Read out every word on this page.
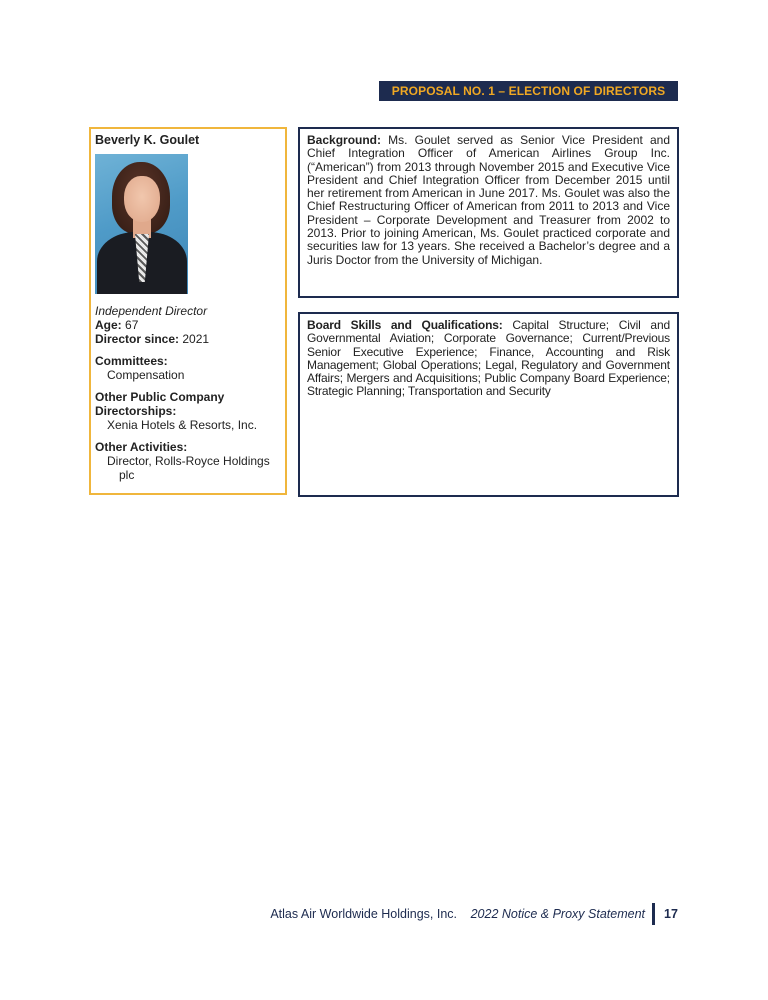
PROPOSAL NO. 1 – ELECTION OF DIRECTORS
Beverly K. Goulet
Independent Director
Age: 67
Director since: 2021
Committees:
Compensation
Other Public Company Directorships:
Xenia Hotels & Resorts, Inc.
Other Activities:
Director, Rolls-Royce Holdings
plc
Background: Ms. Goulet served as Senior Vice President and Chief Integration Officer of American Airlines Group Inc. (“American”) from 2013 through November 2015 and Executive Vice President and Chief Integration Officer from December 2015 until her retirement from American in June 2017. Ms. Goulet was also the Chief Restructuring Officer of American from 2011 to 2013 and Vice President – Corporate Development and Treasurer from 2002 to 2013. Prior to joining American, Ms. Goulet practiced corporate and securities law for 13 years. She received a Bachelor’s degree and a Juris Doctor from the University of Michigan.
Board Skills and Qualifications: Capital Structure; Civil and Governmental Aviation; Corporate Governance; Current/Previous Senior Executive Experience; Finance, Accounting and Risk Management; Global Operations; Legal, Regulatory and Government Affairs; Mergers and Acquisitions; Public Company Board Experience; Strategic Planning; Transportation and Security
Atlas Air Worldwide Holdings, Inc. 2022 Notice & Proxy Statement 17
